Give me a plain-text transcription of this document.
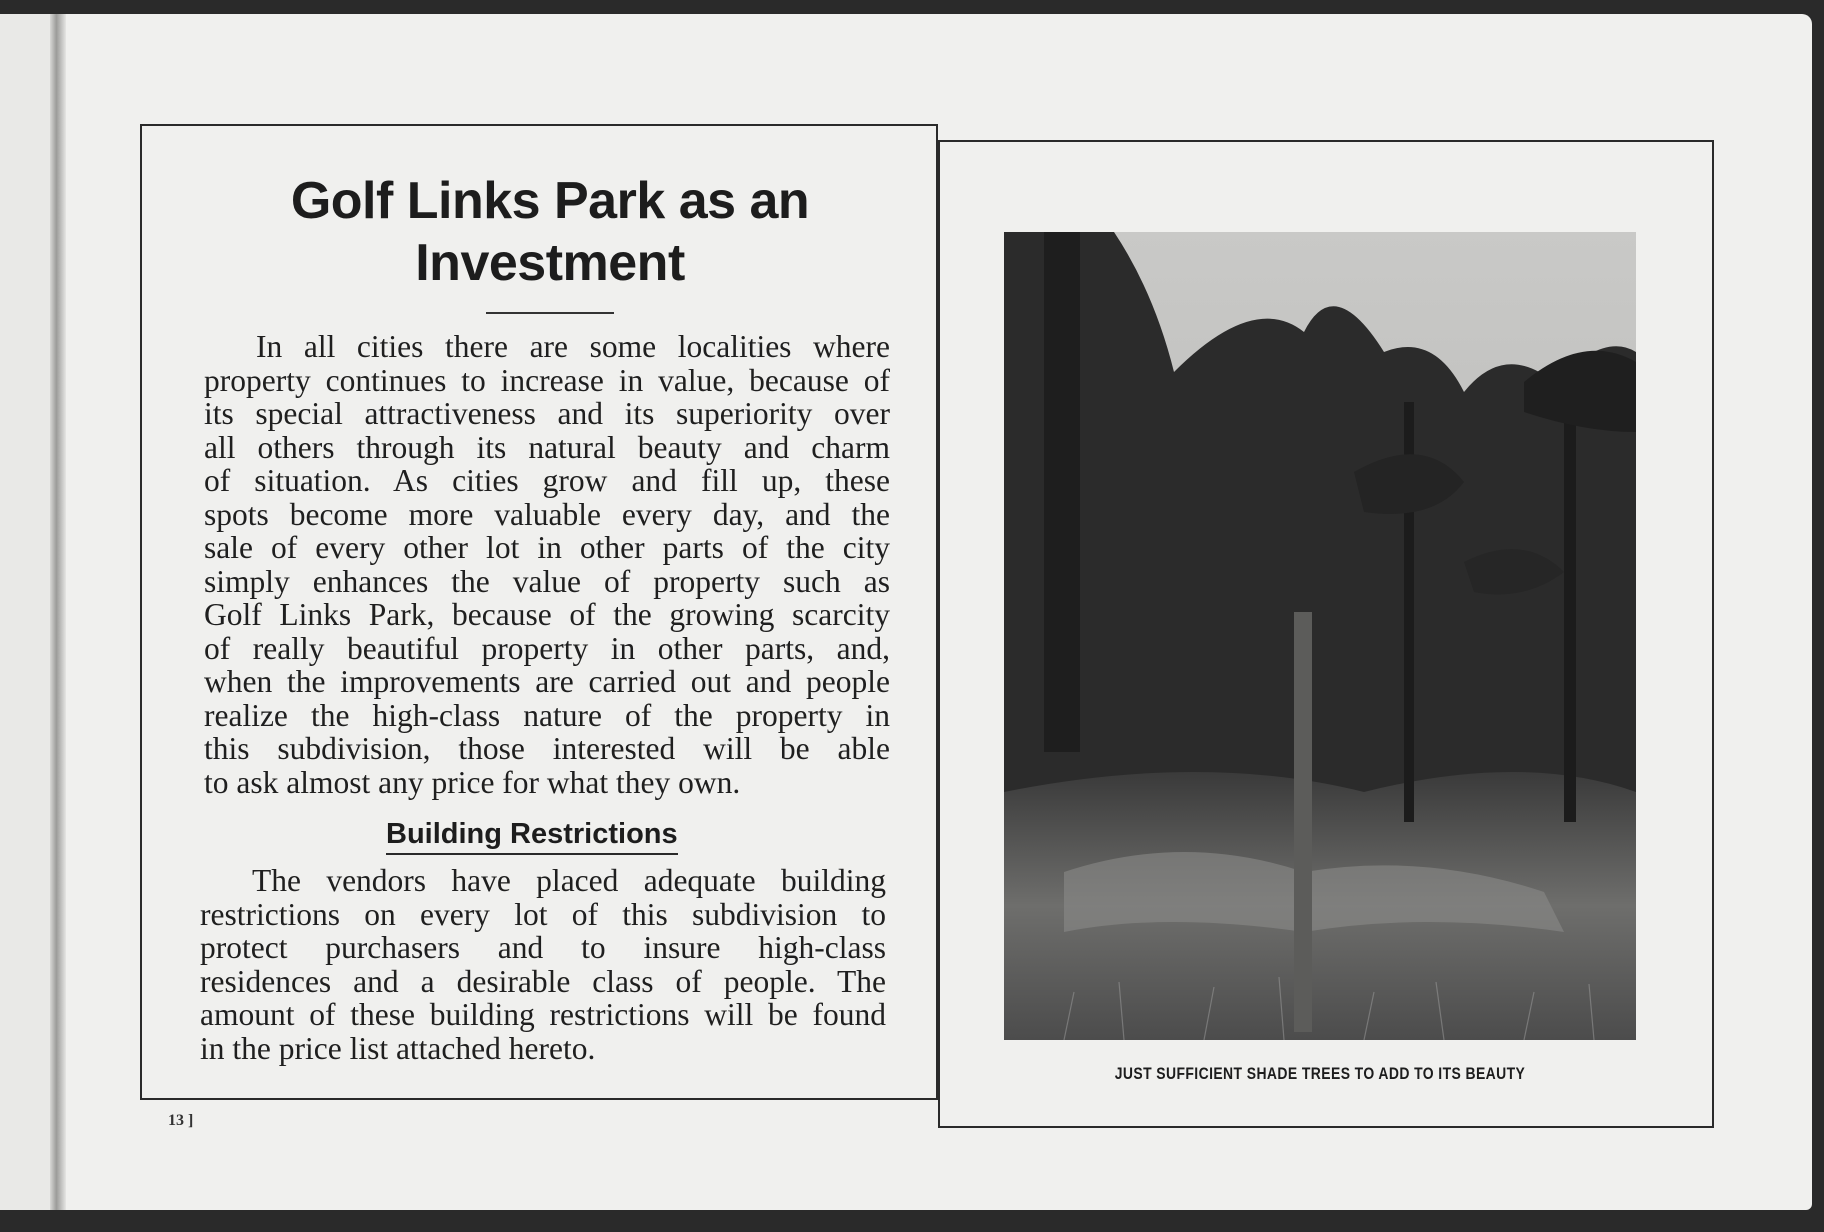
Golf Links Park as an
Investment
In all cities there are some localities where
property continues to increase in value, because of
its special attractiveness and its superiority over
all others through its natural beauty and charm
of situation. As cities grow and fill up, these
spots become more valuable every day, and the
sale of every other lot in other parts of the city
simply enhances the value of property such as
Golf Links Park, because of the growing scarcity
of really beautiful property in other parts, and,
when the improvements are carried out and people
realize the high-class nature of the property in
this subdivision, those interested will be able
to ask almost any price for what they own.
Building Restrictions
The vendors have placed adequate building
restrictions on every lot of this subdivision to
protect purchasers and to insure high-class
residences and a desirable class of people. The
amount of these building restrictions will be found
in the price list attached hereto.
JUST SUFFICIENT SHADE TREES TO ADD TO ITS BEAUTY
13 ]
